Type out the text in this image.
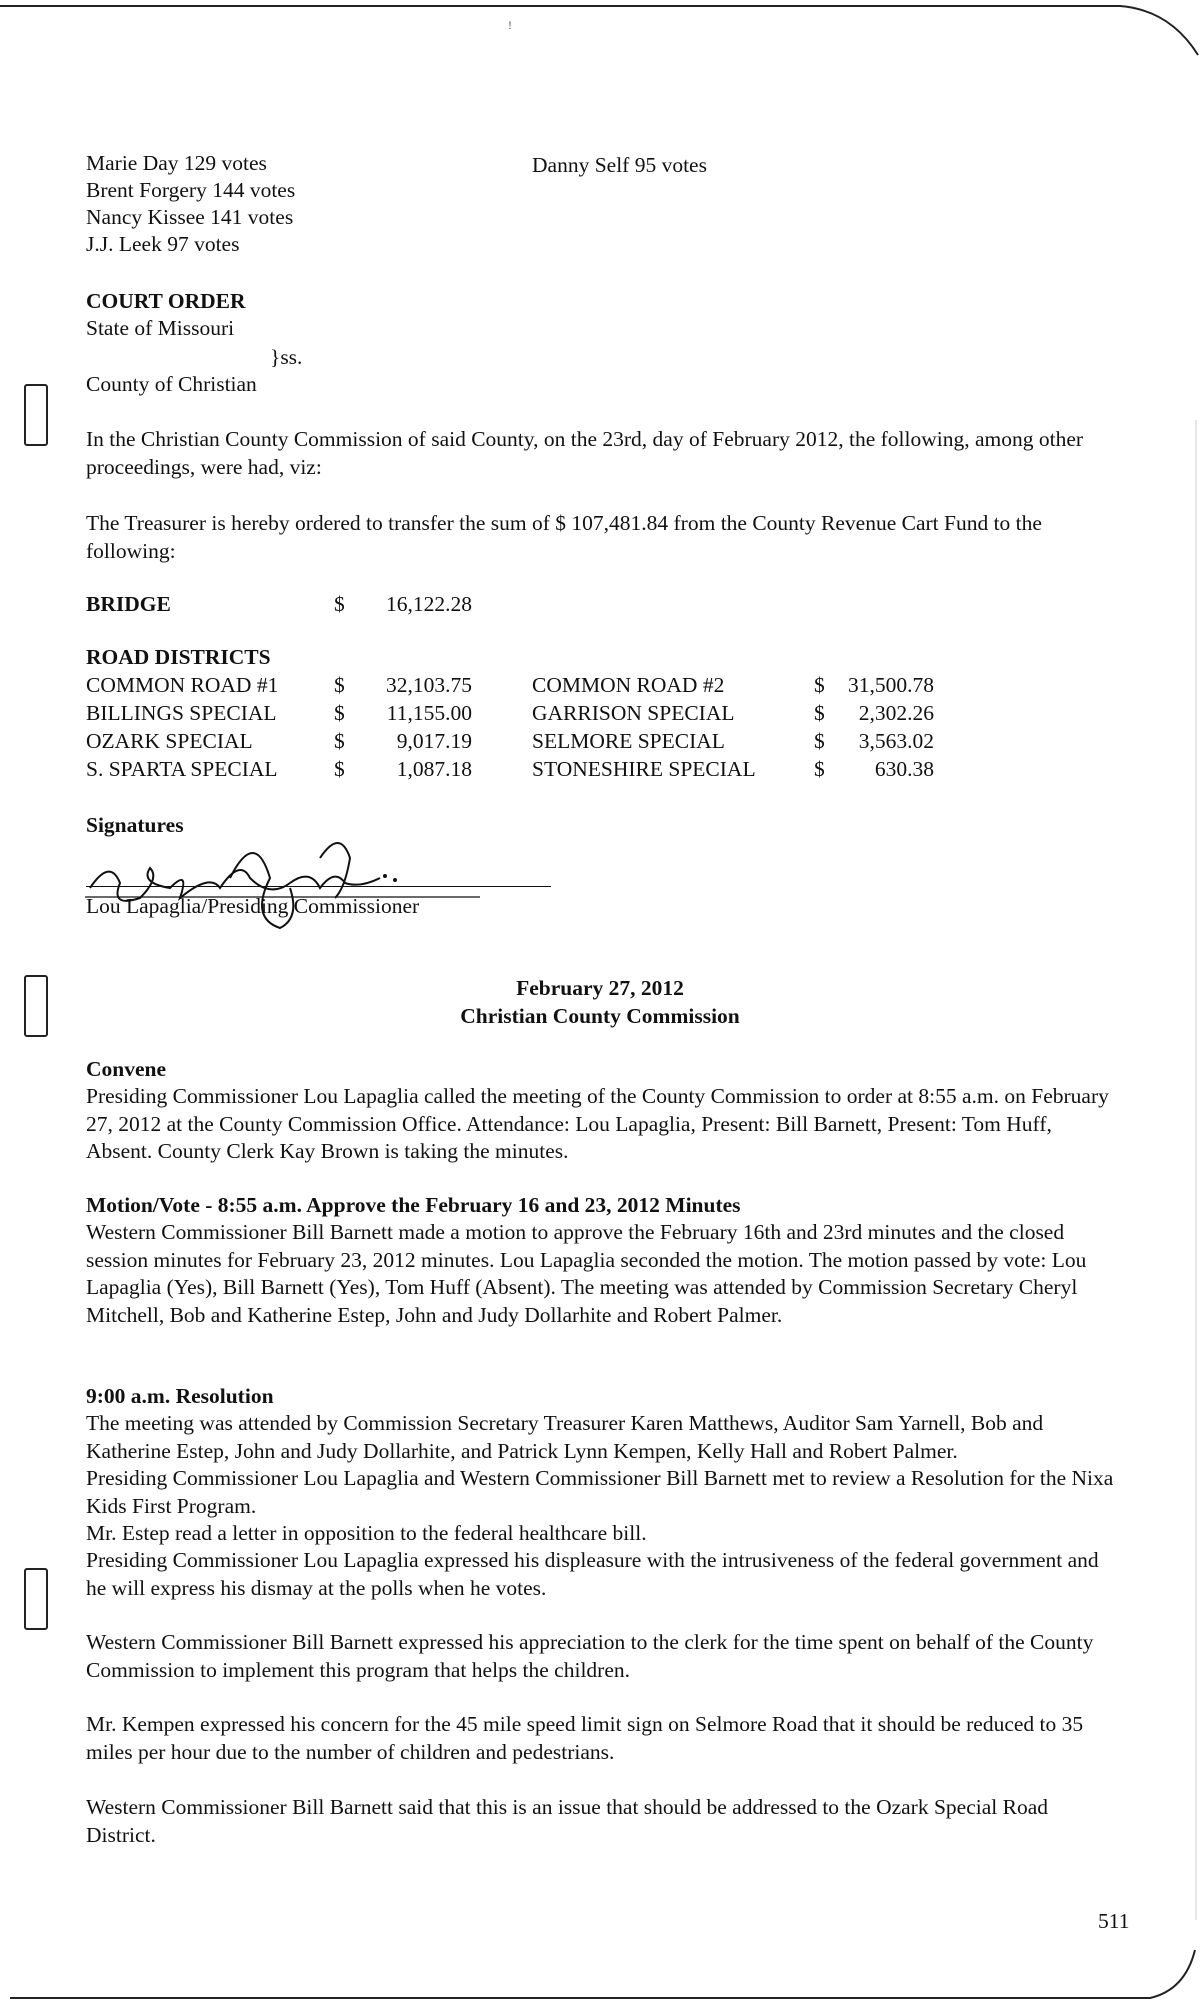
!
Marie Day 129 votes
Brent Forgery 144 votes
Nancy Kissee 141 votes
J.J. Leek 97 votes
Danny Self 95 votes
COURT ORDER
State of Missouri
}ss.
County of Christian
In the Christian County Commission of said County, on the 23rd, day of February 2012, the following, among other proceedings, were had, viz:
The Treasurer is hereby ordered to transfer the sum of $ 107,481.84 from the County Revenue Cart Fund to the following:
BRIDGE	$	16,122.28
ROAD DISTRICTS
COMMON ROAD #1	$	32,103.75	COMMON ROAD #2	$	31,500.78
BILLINGS SPECIAL	$	11,155.00	GARRISON SPECIAL	$	2,302.26
OZARK SPECIAL	$	9,017.19	SELMORE SPECIAL	$	3,563.02
S. SPARTA SPECIAL	$	1,087.18	STONESHIRE SPECIAL	$	630.38
Signatures
Lou Lapaglia/Presiding Commissioner
February 27, 2012
Christian County Commission
Convene
Presiding Commissioner Lou Lapaglia called the meeting of the County Commission to order at 8:55 a.m. on February 27, 2012 at the County Commission Office. Attendance: Lou Lapaglia, Present: Bill Barnett, Present: Tom Huff, Absent. County Clerk Kay Brown is taking the minutes.
Motion/Vote - 8:55 a.m. Approve the February 16 and 23, 2012 Minutes
Western Commissioner Bill Barnett made a motion to approve the February 16th and 23rd minutes and the closed session minutes for February 23, 2012 minutes. Lou Lapaglia seconded the motion. The motion passed by vote: Lou Lapaglia (Yes), Bill Barnett (Yes), Tom Huff (Absent). The meeting was attended by Commission Secretary Cheryl Mitchell, Bob and Katherine Estep, John and Judy Dollarhite and Robert Palmer.
9:00 a.m. Resolution
The meeting was attended by Commission Secretary Treasurer Karen Matthews, Auditor Sam Yarnell, Bob and Katherine Estep, John and Judy Dollarhite, and Patrick Lynn Kempen, Kelly Hall and Robert Palmer.
Presiding Commissioner Lou Lapaglia and Western Commissioner Bill Barnett met to review a Resolution for the Nixa Kids First Program.
Mr. Estep read a letter in opposition to the federal healthcare bill.
Presiding Commissioner Lou Lapaglia expressed his displeasure with the intrusiveness of the federal government and he will express his dismay at the polls when he votes.
Western Commissioner Bill Barnett expressed his appreciation to the clerk for the time spent on behalf of the County Commission to implement this program that helps the children.
Mr. Kempen expressed his concern for the 45 mile speed limit sign on Selmore Road that it should be reduced to 35 miles per hour due to the number of children and pedestrians.
Western Commissioner Bill Barnett said that this is an issue that should be addressed to the Ozark Special Road District.
511
